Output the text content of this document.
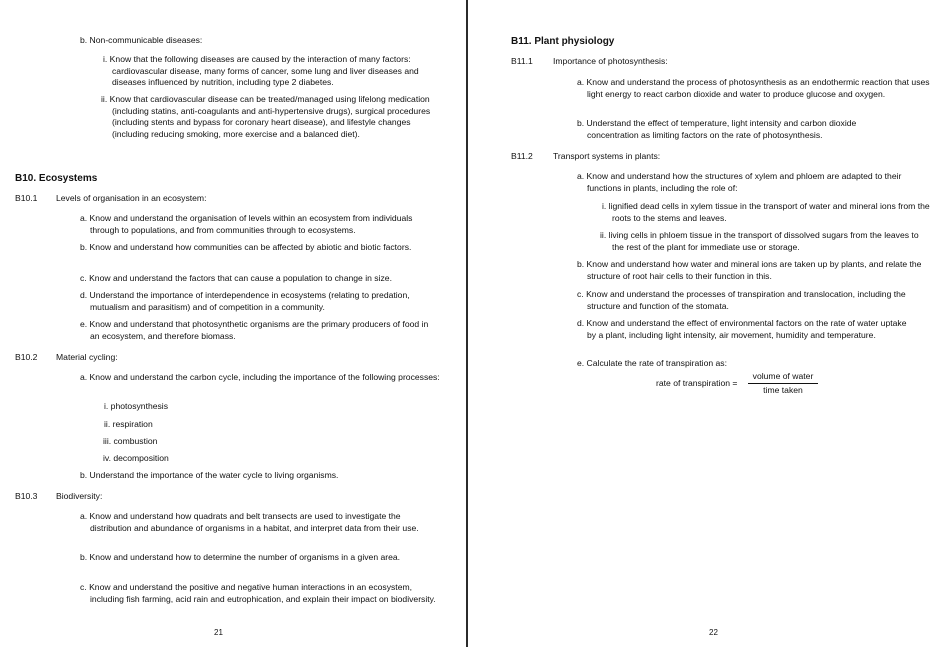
b. Non-communicable diseases:
i. Know that the following diseases are caused by the interaction of many factors: cardiovascular disease, many forms of cancer, some lung and liver diseases and diseases influenced by nutrition, including type 2 diabetes.
ii. Know that cardiovascular disease can be treated/managed using lifelong medication (including statins, anti-coagulants and anti-hypertensive drugs), surgical procedures (including stents and bypass for coronary heart disease), and lifestyle changes (including reducing smoking, more exercise and a balanced diet).
B10. Ecosystems
B10.1 Levels of organisation in an ecosystem:
a. Know and understand the organisation of levels within an ecosystem from individuals through to populations, and from communities through to ecosystems.
b. Know and understand how communities can be affected by abiotic and biotic factors.
c. Know and understand the factors that can cause a population to change in size.
d. Understand the importance of interdependence in ecosystems (relating to predation, mutualism and parasitism) and of competition in a community.
e. Know and understand that photosynthetic organisms are the primary producers of food in an ecosystem, and therefore biomass.
B10.2 Material cycling:
a. Know and understand the carbon cycle, including the importance of the following processes:
i. photosynthesis
ii. respiration
iii. combustion
iv. decomposition
b. Understand the importance of the water cycle to living organisms.
B10.3 Biodiversity:
a. Know and understand how quadrats and belt transects are used to investigate the distribution and abundance of organisms in a habitat, and interpret data from their use.
b. Know and understand how to determine the number of organisms in a given area.
c. Know and understand the positive and negative human interactions in an ecosystem, including fish farming, acid rain and eutrophication, and explain their impact on biodiversity.
21
B11. Plant physiology
B11.1 Importance of photosynthesis:
a. Know and understand the process of photosynthesis as an endothermic reaction that uses light energy to react carbon dioxide and water to produce glucose and oxygen.
b. Understand the effect of temperature, light intensity and carbon dioxide concentration as limiting factors on the rate of photosynthesis.
B11.2 Transport systems in plants:
a. Know and understand how the structures of xylem and phloem are adapted to their functions in plants, including the role of:
i. lignified dead cells in xylem tissue in the transport of water and mineral ions from the roots to the stems and leaves.
ii. living cells in phloem tissue in the transport of dissolved sugars from the leaves to the rest of the plant for immediate use or storage.
b. Know and understand how water and mineral ions are taken up by plants, and relate the structure of root hair cells to their function in this.
c. Know and understand the processes of transpiration and translocation, including the structure and function of the stomata.
d. Know and understand the effect of environmental factors on the rate of water uptake by a plant, including light intensity, air movement, humidity and temperature.
e. Calculate the rate of transpiration as:
rate of transpiration =
volume of water
time taken
22
